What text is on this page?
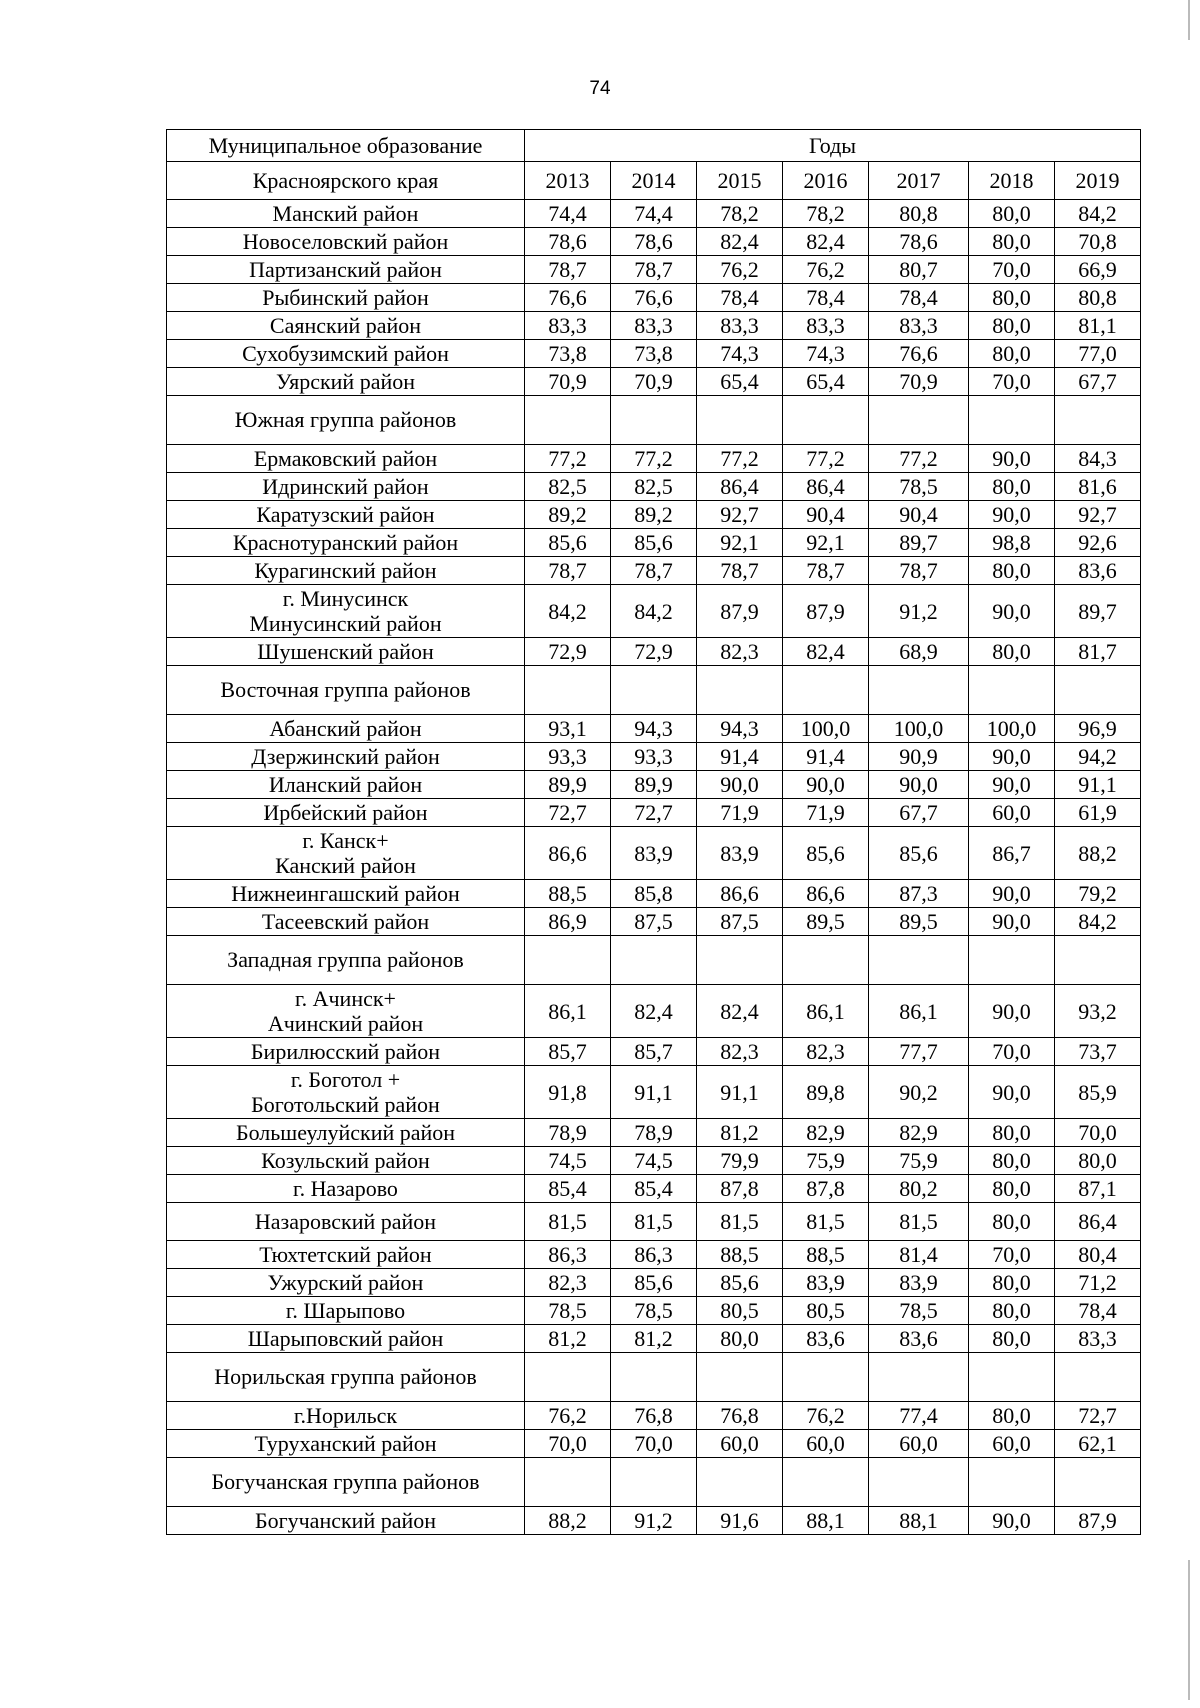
74
Муниципальное образование	Годы						
Красноярского края	2013	2014	2015	2016	2017	2018	2019
Манский район	74,4	74,4	78,2	78,2	80,8	80,0	84,2
Новоселовский район	78,6	78,6	82,4	82,4	78,6	80,0	70,8
Партизанский район	78,7	78,7	76,2	76,2	80,7	70,0	66,9
Рыбинский район	76,6	76,6	78,4	78,4	78,4	80,0	80,8
Саянский район	83,3	83,3	83,3	83,3	83,3	80,0	81,1
Сухобузимский район	73,8	73,8	74,3	74,3	76,6	80,0	77,0
Уярский район	70,9	70,9	65,4	65,4	70,9	70,0	67,7
Южная группа районов							
Ермаковский район	77,2	77,2	77,2	77,2	77,2	90,0	84,3
Идринский район	82,5	82,5	86,4	86,4	78,5	80,0	81,6
Каратузский район	89,2	89,2	92,7	90,4	90,4	90,0	92,7
Краснотуранский район	85,6	85,6	92,1	92,1	89,7	98,8	92,6
Курагинский район	78,7	78,7	78,7	78,7	78,7	80,0	83,6

г. Минусинск
Минусинский район	84,2	84,2	87,9	87,9	91,2	90,0	89,7
Шушенский район	72,9	72,9	82,3	82,4	68,9	80,0	81,7
Восточная группа районов							
Абанский район	93,1	94,3	94,3	100,0	100,0	100,0	96,9
Дзержинский район	93,3	93,3	91,4	91,4	90,9	90,0	94,2
Иланский район	89,9	89,9	90,0	90,0	90,0	90,0	91,1
Ирбейский район	72,7	72,7	71,9	71,9	67,7	60,0	61,9

г. Канск+
Канский район	86,6	83,9	83,9	85,6	85,6	86,7	88,2
Нижнеингашский район	88,5	85,8	86,6	86,6	87,3	90,0	79,2
Тасеевский район	86,9	87,5	87,5	89,5	89,5	90,0	84,2
Западная группа районов							

г. Ачинск+
Ачинский район	86,1	82,4	82,4	86,1	86,1	90,0	93,2
Бирилюсский район	85,7	85,7	82,3	82,3	77,7	70,0	73,7

г. Боготол +
Боготольский район	91,8	91,1	91,1	89,8	90,2	90,0	85,9
Большеулуйский район	78,9	78,9	81,2	82,9	82,9	80,0	70,0
Козульский район	74,5	74,5	79,9	75,9	75,9	80,0	80,0
г. Назарово	85,4	85,4	87,8	87,8	80,2	80,0	87,1
Назаровский район	81,5	81,5	81,5	81,5	81,5	80,0	86,4
Тюхтетский район	86,3	86,3	88,5	88,5	81,4	70,0	80,4
Ужурский район	82,3	85,6	85,6	83,9	83,9	80,0	71,2
г. Шарыпово	78,5	78,5	80,5	80,5	78,5	80,0	78,4
Шарыповский район	81,2	81,2	80,0	83,6	83,6	80,0	83,3
Норильская группа районов							
г.Норильск	76,2	76,8	76,8	76,2	77,4	80,0	72,7
Туруханский район	70,0	70,0	60,0	60,0	60,0	60,0	62,1
Богучанская группа районов							
Богучанский район	88,2	91,2	91,6	88,1	88,1	90,0	87,9
